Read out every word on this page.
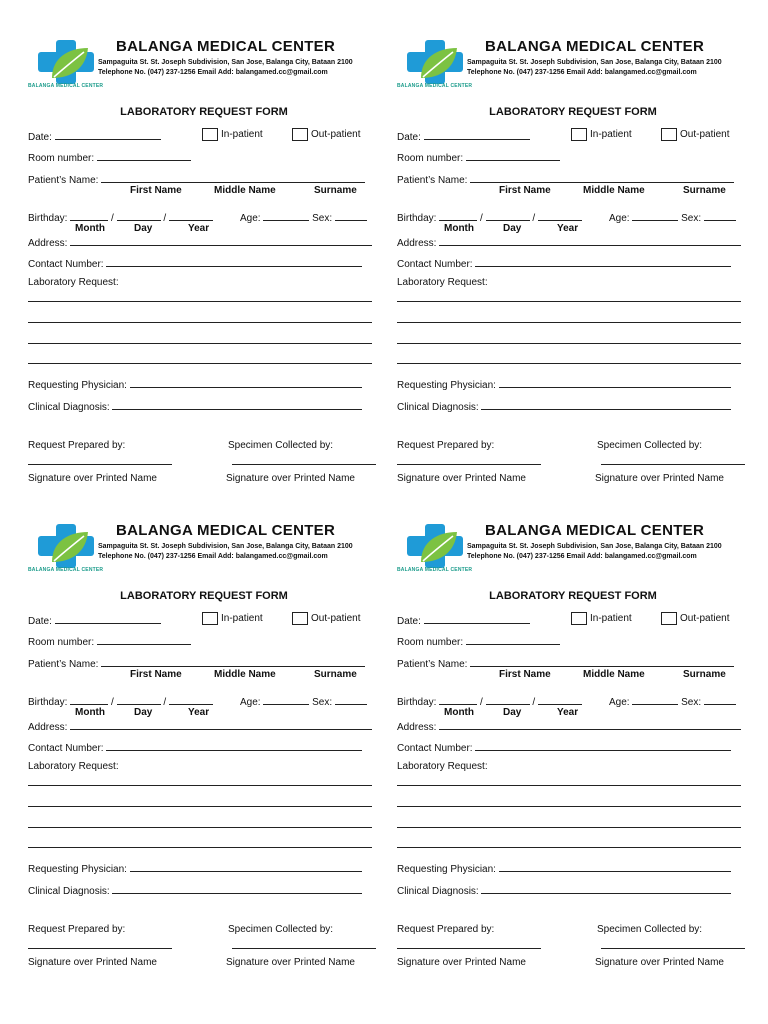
BALANGA MEDICAL CENTER
BALANGA MEDICAL CENTER
Sampaguita St. St. Joseph Subdivision, San Jose, Balanga City, Bataan 2100
Telephone No. (047) 237-1256 Email Add: balangamed.cc@gmail.com
LABORATORY REQUEST FORM
Date:	In-patient	Out-patient
Room number:
Patient’s Name:
First Name	Middle Name	Surname
Birthday:	/	/	Age:	Sex:
Month	Day	Year
Address:
Contact Number:
Laboratory Request:
Requesting Physician:
Clinical Diagnosis:
Request Prepared by:	Specimen Collected by:
Signature over Printed Name	Signature over Printed Name
BALANGA MEDICAL CENTER
BALANGA MEDICAL CENTER
Sampaguita St. St. Joseph Subdivision, San Jose, Balanga City, Bataan 2100
Telephone No. (047) 237-1256 Email Add: balangamed.cc@gmail.com
LABORATORY REQUEST FORM
Date:	In-patient	Out-patient
Room number:
Patient’s Name:
First Name	Middle Name	Surname
Birthday:	/	/	Age:	Sex:
Month	Day	Year
Address:
Contact Number:
Laboratory Request:
Requesting Physician:
Clinical Diagnosis:
Request Prepared by:	Specimen Collected by:
Signature over Printed Name	Signature over Printed Name
BALANGA MEDICAL CENTER
BALANGA MEDICAL CENTER
Sampaguita St. St. Joseph Subdivision, San Jose, Balanga City, Bataan 2100
Telephone No. (047) 237-1256 Email Add: balangamed.cc@gmail.com
LABORATORY REQUEST FORM
Date:	In-patient	Out-patient
Room number:
Patient’s Name:
First Name	Middle Name	Surname
Birthday:	/	/	Age:	Sex:
Month	Day	Year
Address:
Contact Number:
Laboratory Request:
Requesting Physician:
Clinical Diagnosis:
Request Prepared by:	Specimen Collected by:
Signature over Printed Name	Signature over Printed Name
BALANGA MEDICAL CENTER
BALANGA MEDICAL CENTER
Sampaguita St. St. Joseph Subdivision, San Jose, Balanga City, Bataan 2100
Telephone No. (047) 237-1256 Email Add: balangamed.cc@gmail.com
LABORATORY REQUEST FORM
Date:	In-patient	Out-patient
Room number:
Patient’s Name:
First Name	Middle Name	Surname
Birthday:	/	/	Age:	Sex:
Month	Day	Year
Address:
Contact Number:
Laboratory Request:
Requesting Physician:
Clinical Diagnosis:
Request Prepared by:	Specimen Collected by:
Signature over Printed Name	Signature over Printed Name
